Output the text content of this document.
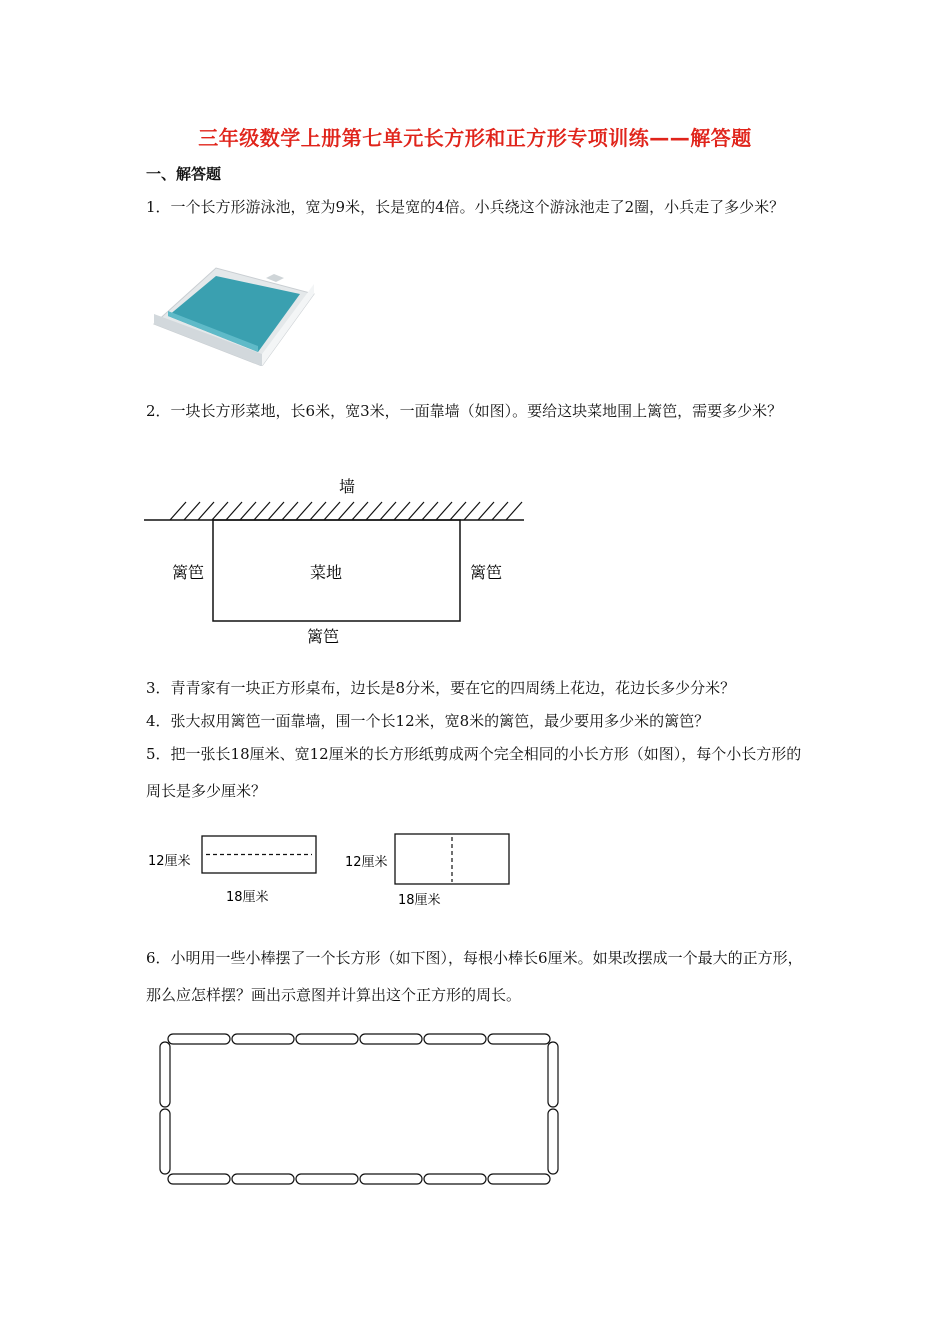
三年级数学上册第七单元长方形和正方形专项训练——解答题
一、解答题
1．一个长方形游泳池，宽为9米，长是宽的4倍。小兵绕这个游泳池走了2圈，小兵走了多少米？
2．一块长方形菜地，长6米，宽3米，一面靠墙（如图）。要给这块菜地围上篱笆，需要多少米？
墙
篱笆	菜地	篱笆
篱笆
3．青青家有一块正方形桌布，边长是8分米，要在它的四周绣上花边，花边长多少分米？
4．张大叔用篱笆一面靠墙，围一个长12米，宽8米的篱笆，最少要用多少米的篱笆？
5．把一张长18厘米、宽12厘米的长方形纸剪成两个完全相同的小长方形（如图），每个小长方形的周长是多少厘米？
12厘米
18厘米
12厘米
18厘米
6．小明用一些小棒摆了一个长方形（如下图），每根小棒长6厘米。如果改摆成一个最大的正方形，那么应怎样摆？画出示意图并计算出这个正方形的周长。
